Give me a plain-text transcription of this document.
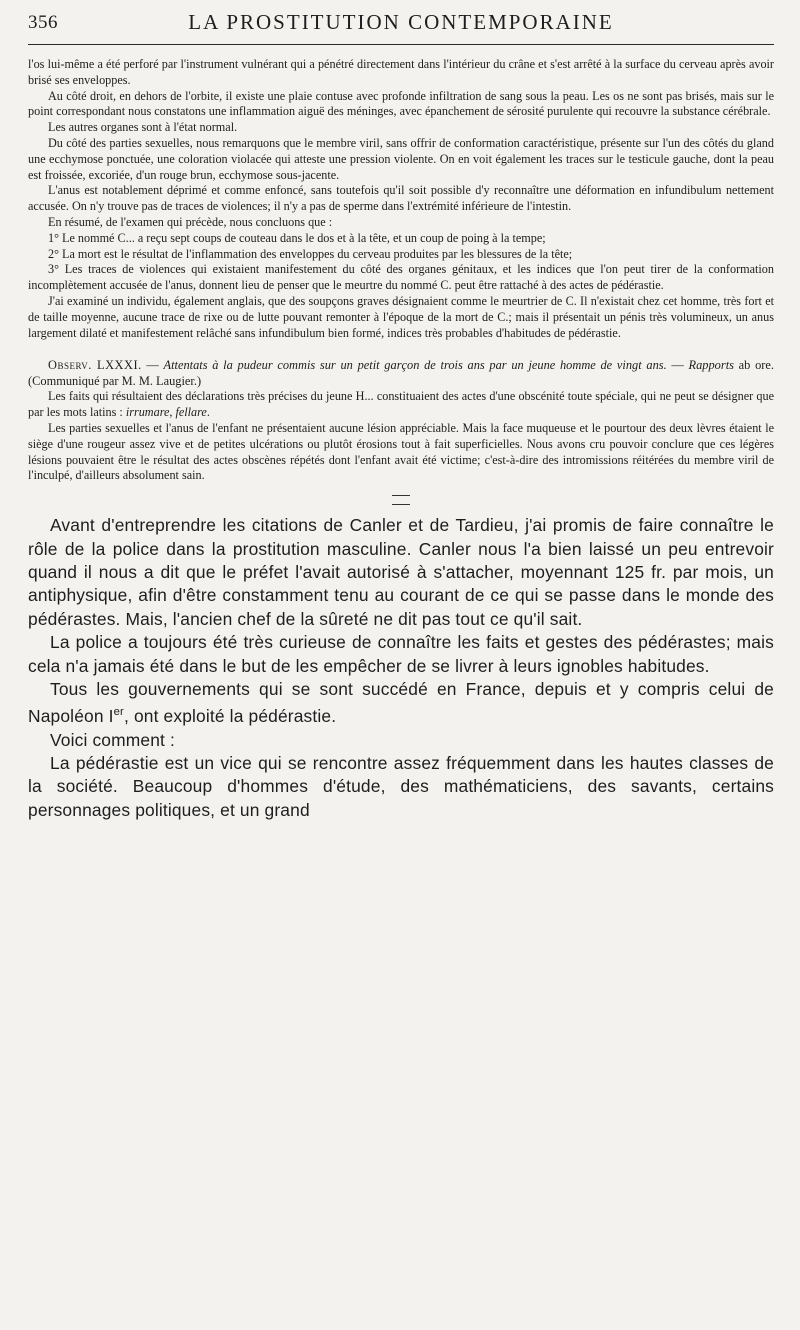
356	LA PROSTITUTION CONTEMPORAINE

l'os lui-même a été perforé par l'instrument vulnérant qui a pénétré directement dans l'intérieur du crâne et s'est arrêté à la surface du cerveau après avoir brisé ses enveloppes.

Au côté droit, en dehors de l'orbite, il existe une plaie contuse avec profonde infiltration de sang sous la peau. Les os ne sont pas brisés, mais sur le point correspondant nous constatons une inflammation aiguë des méninges, avec épanchement de sérosité purulente qui recouvre la substance cérébrale.

Les autres organes sont à l'état normal.

Du côté des parties sexuelles, nous remarquons que le membre viril, sans offrir de conformation caractéristique, présente sur l'un des côtés du gland une ecchymose ponctuée, une coloration violacée qui atteste une pression violente. On en voit également les traces sur le testicule gauche, dont la peau est froissée, excoriée, d'un rouge brun, ecchymose sous-jacente.

L'anus est notablement déprimé et comme enfoncé, sans toutefois qu'il soit possible d'y reconnaître une déformation en infundibulum nettement accusée. On n'y trouve pas de traces de violences; il n'y a pas de sperme dans l'extrémité inférieure de l'intestin.

En résumé, de l'examen qui précède, nous concluons que :

1° Le nommé C... a reçu sept coups de couteau dans le dos et à la tête, et un coup de poing à la tempe;

2° La mort est le résultat de l'inflammation des enveloppes du cerveau produites par les blessures de la tête;

3° Les traces de violences qui existaient manifestement du côté des organes génitaux, et les indices que l'on peut tirer de la conformation incomplètement accusée de l'anus, donnent lieu de penser que le meurtre du nommé C. peut être rattaché à des actes de pédérastie.

J'ai examiné un individu, également anglais, que des soupçons graves désignaient comme le meurtrier de C. Il n'existait chez cet homme, très fort et de taille moyenne, aucune trace de rixe ou de lutte pouvant remonter à l'époque de la mort de C.; mais il présentait un pénis très volumineux, un anus largement dilaté et manifestement relâché sans infundibulum bien formé, indices très probables d'habitudes de pédérastie.

Observ. LXXXI. — Attentats à la pudeur commis sur un petit garçon de trois ans par un jeune homme de vingt ans. — Rapports ab ore. (Communiqué par M. M. Laugier.)

Les faits qui résultaient des déclarations très précises du jeune H... constituaient des actes d'une obscénité toute spéciale, qui ne peut se désigner que par les mots latins : irrumare, fellare.

Les parties sexuelles et l'anus de l'enfant ne présentaient aucune lésion appréciable. Mais la face muqueuse et le pourtour des deux lèvres étaient le siège d'une rougeur assez vive et de petites ulcérations ou plutôt érosions tout à fait superficielles. Nous avons cru pouvoir conclure que ces légères lésions pouvaient être le résultat des actes obscènes répétés dont l'enfant avait été victime; c'est-à-dire des intromissions réitérées du membre viril de l'inculpé, d'ailleurs absolument sain.

Avant d'entreprendre les citations de Canler et de Tardieu, j'ai promis de faire connaître le rôle de la police dans la prostitution masculine. Canler nous l'a bien laissé un peu entrevoir quand il nous a dit que le préfet l'avait autorisé à s'attacher, moyennant 125 fr. par mois, un antiphysique, afin d'être constamment tenu au courant de ce qui se passe dans le monde des pédérastes. Mais, l'ancien chef de la sûreté ne dit pas tout ce qu'il sait.

La police a toujours été très curieuse de connaître les faits et gestes des pédérastes; mais cela n'a jamais été dans le but de les empêcher de se livrer à leurs ignobles habitudes.

Tous les gouvernements qui se sont succédé en France, depuis et y compris celui de Napoléon Ier, ont exploité la pédérastie.

Voici comment :

La pédérastie est un vice qui se rencontre assez fréquemment dans les hautes classes de la société. Beaucoup d'hommes d'étude, des mathématiciens, des savants, certains personnages politiques, et un grand
